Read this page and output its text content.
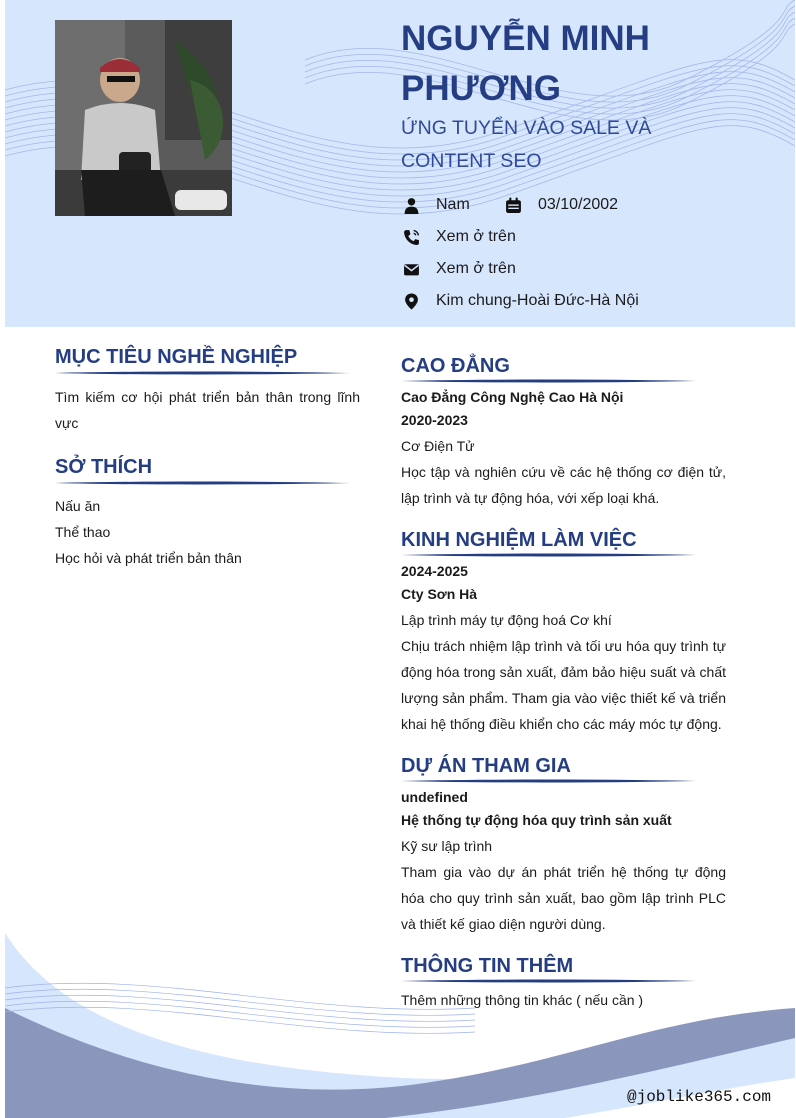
NGUYỄN MINH PHƯƠNG
ỨNG TUYỂN VÀO SALE VÀ CONTENT SEO
Nam	03/10/2002
Xem ở trên
Xem ở trên
Kim chung-Hoài Đức-Hà Nội
MỤC TIÊU NGHỀ NGHIỆP
Tìm kiếm cơ hội phát triển bản thân trong lĩnh vực
SỞ THÍCH
Nấu ăn
Thể thao
Học hỏi và phát triển bản thân
CAO ĐẲNG
Cao Đẳng Công Nghệ Cao Hà Nội
2020-2023
Cơ Điện Tử
Học tập và nghiên cứu về các hệ thống cơ điện tử, lập trình và tự động hóa, với xếp loại khá.
KINH NGHIỆM LÀM VIỆC
2024-2025
Cty Sơn Hà
Lập trình máy tự động hoá Cơ khí
Chịu trách nhiệm lập trình và tối ưu hóa quy trình tự động hóa trong sản xuất, đảm bảo hiệu suất và chất lượng sản phẩm. Tham gia vào việc thiết kế và triển khai hệ thống điều khiển cho các máy móc tự động.
DỰ ÁN THAM GIA
undefined
Hệ thống tự động hóa quy trình sản xuất
Kỹ sư lập trình
Tham gia vào dự án phát triển hệ thống tự động hóa cho quy trình sản xuất, bao gồm lập trình PLC và thiết kế giao diện người dùng.
THÔNG TIN THÊM
Thêm những thông tin khác ( nếu cần )
@joblike365.com
